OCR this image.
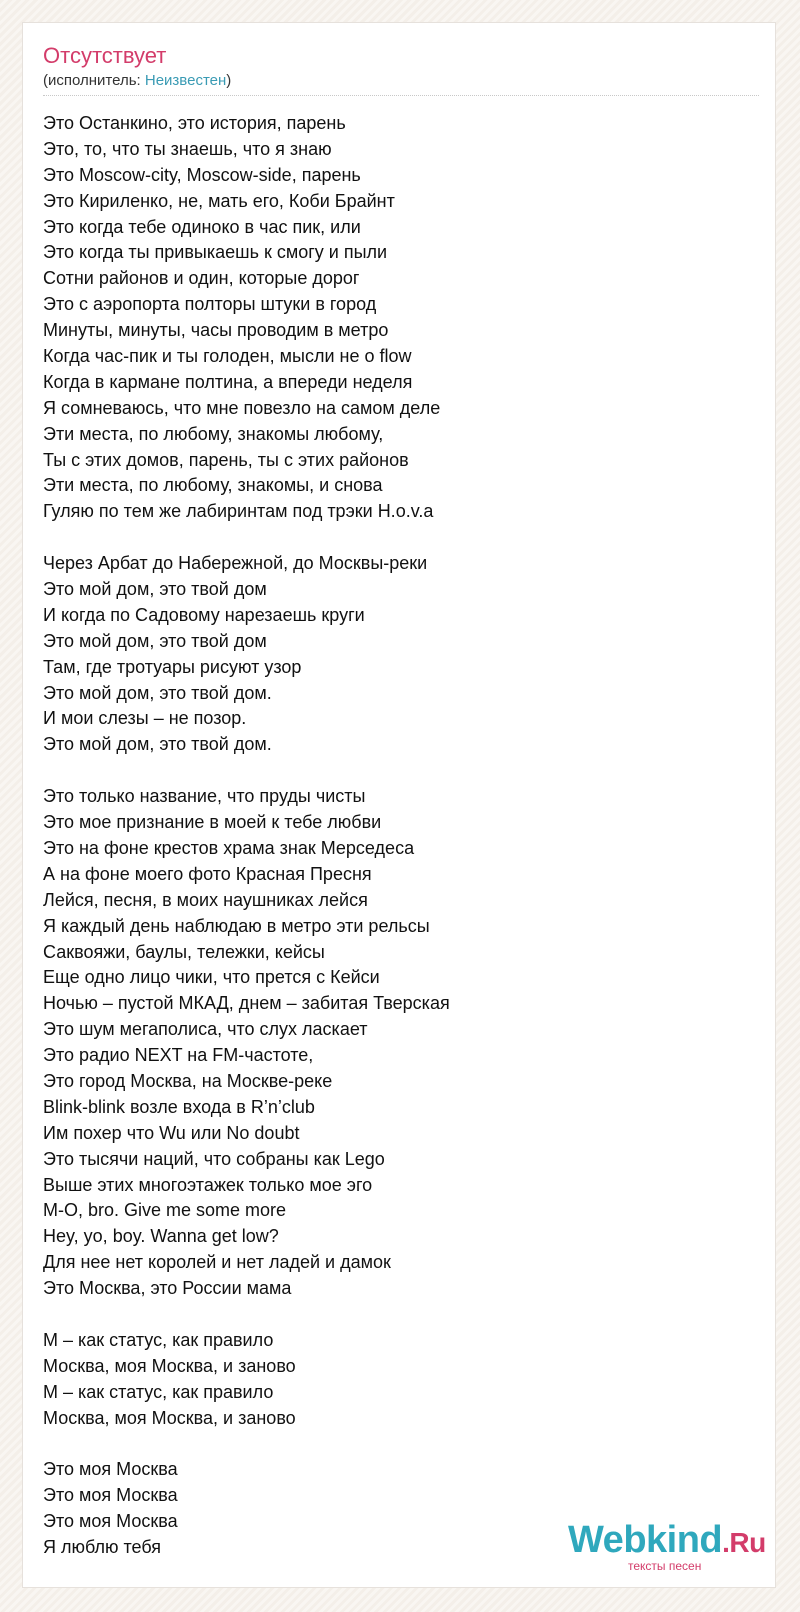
Отсутствует
(исполнитель: Неизвестен)
Это Останкино, это история, парень
Это, то, что ты знаешь, что я знаю
Это Moscow-city, Moscow-side, парень
Это Кириленко, не, мать его, Коби Брайнт
Это когда тебе одиноко в час пик, или
Это когда ты привыкаешь к смогу и пыли
Сотни районов и один, которые дорог
Это с аэропорта полторы штуки в город
Минуты, минуты, часы проводим в метро
Когда час-пик и ты голоден, мысли не о flow
Когда в кармане полтина, а впереди неделя
Я сомневаюсь, что мне повезло на самом деле
Эти места, по любому, знакомы любому,
Ты с этих домов, парень, ты с этих районов
Эти места, по любому, знакомы, и снова
Гуляю по тем же лабиринтам под трэки H.o.v.a
Через Арбат до Набережной, до Москвы-реки
Это мой дом, это твой дом
И когда по Садовому нарезаешь круги
Это мой дом, это твой дом
Там, где тротуары рисуют узор
Это мой дом, это твой дом.
И мои слезы – не позор.
Это мой дом, это твой дом.
Это только название, что пруды чисты
Это мое признание в моей к тебе любви
Это на фоне крестов храма знак Мерседеса
А на фоне моего фото Красная Пресня
Лейся, песня, в моих наушниках лейся
Я каждый день наблюдаю в метро эти рельсы
Саквояжи, баулы, тележки, кейсы
Еще одно лицо чики, что прется с Кейси
Ночью – пустой МКАД, днем – забитая Тверская
Это шум мегаполиса, что слух ласкает
Это радио NEXT на FM-частоте,
Это город Москва, на Москве-реке
Blink-blink возле входа в R’n’club
Им похер что Wu или No doubt
Это тысячи наций, что собраны как Lego
Выше этих многоэтажек только мое эго
M-O, bro. Give me some more
Hey, yo, boy. Wanna get low?
Для нее нет королей и нет ладей и дамок
Это Москва, это России мама
М – как статус, как правило
Москва, моя Москва, и заново
М – как статус, как правило
Москва, моя Москва, и заново
Это моя Москва
Это моя Москва
Это моя Москва
Я люблю тебя	Webkind.Ru
тексты песен
